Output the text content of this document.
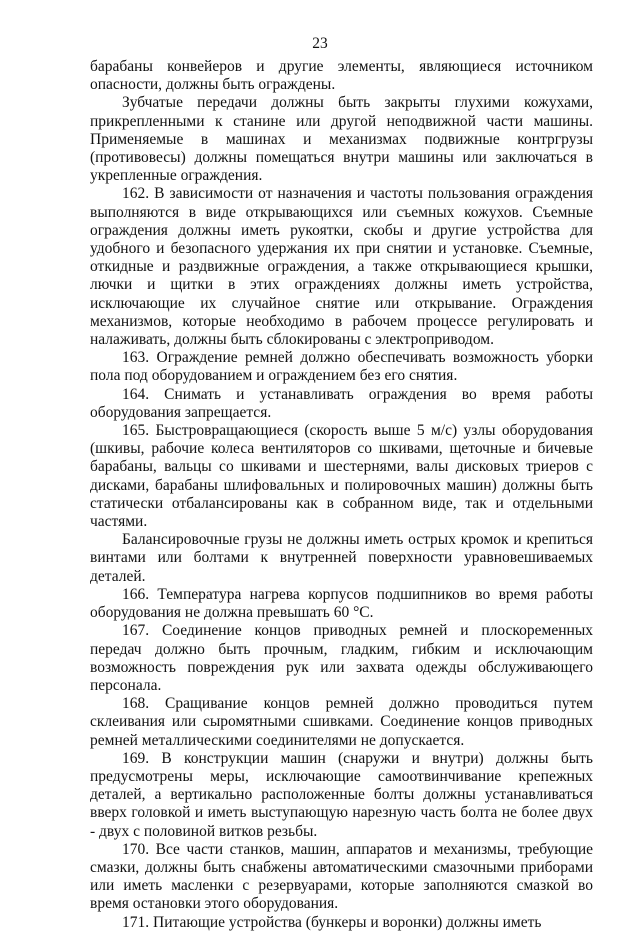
23

барабаны конвейеров и другие элементы, являющиеся источником опасности, должны быть ограждены.

Зубчатые передачи должны быть закрыты глухими кожухами, прикрепленными к станине или другой неподвижной части машины. Применяемые в машинах и механизмах подвижные контргрузы (противовесы) должны помещаться внутри машины или заключаться в укрепленные ограждения.

162. В зависимости от назначения и частоты пользования ограждения выполняются в виде открывающихся или съемных кожухов. Съемные ограждения должны иметь рукоятки, скобы и другие устройства для удобного и безопасного удержания их при снятии и установке. Съемные, откидные и раздвижные ограждения, а также открывающиеся крышки, лючки и щитки в этих ограждениях должны иметь устройства, исключающие их случайное снятие или открывание. Ограждения механизмов, которые необходимо в рабочем процессе регулировать и налаживать, должны быть сблокированы с электроприводом.

163. Ограждение ремней должно обеспечивать возможность уборки пола под оборудованием и ограждением без его снятия.

164. Снимать и устанавливать ограждения во время работы оборудования запрещается.

165. Быстровращающиеся (скорость выше 5 м/с) узлы оборудования (шкивы, рабочие колеса вентиляторов со шкивами, щеточные и бичевые барабаны, вальцы со шкивами и шестернями, валы дисковых триеров с дисками, барабаны шлифовальных и полировочных машин) должны быть статически отбалансированы как в собранном виде, так и отдельными частями.

Балансировочные грузы не должны иметь острых кромок и крепиться винтами или болтами к внутренней поверхности уравновешиваемых деталей.

166. Температура нагрева корпусов подшипников во время работы оборудования не должна превышать 60 °С.

167. Соединение концов приводных ремней и плоскоременных передач должно быть прочным, гладким, гибким и исключающим возможность повреждения рук или захвата одежды обслуживающего персонала.

168. Сращивание концов ремней должно проводиться путем склеивания или сыромятными сшивками. Соединение концов приводных ремней металлическими соединителями не допускается.

169. В конструкции машин (снаружи и внутри) должны быть предусмотрены меры, исключающие самоотвинчивание крепежных деталей, а вертикально расположенные болты должны устанавливаться вверх головкой и иметь выступающую нарезную часть болта не более двух - двух с половиной витков резьбы.

170. Все части станков, машин, аппаратов и механизмы, требующие смазки, должны быть снабжены автоматическими смазочными приборами или иметь масленки с резервуарами, которые заполняются смазкой во время остановки этого оборудования.

171. Питающие устройства (бункеры и воронки) должны иметь
